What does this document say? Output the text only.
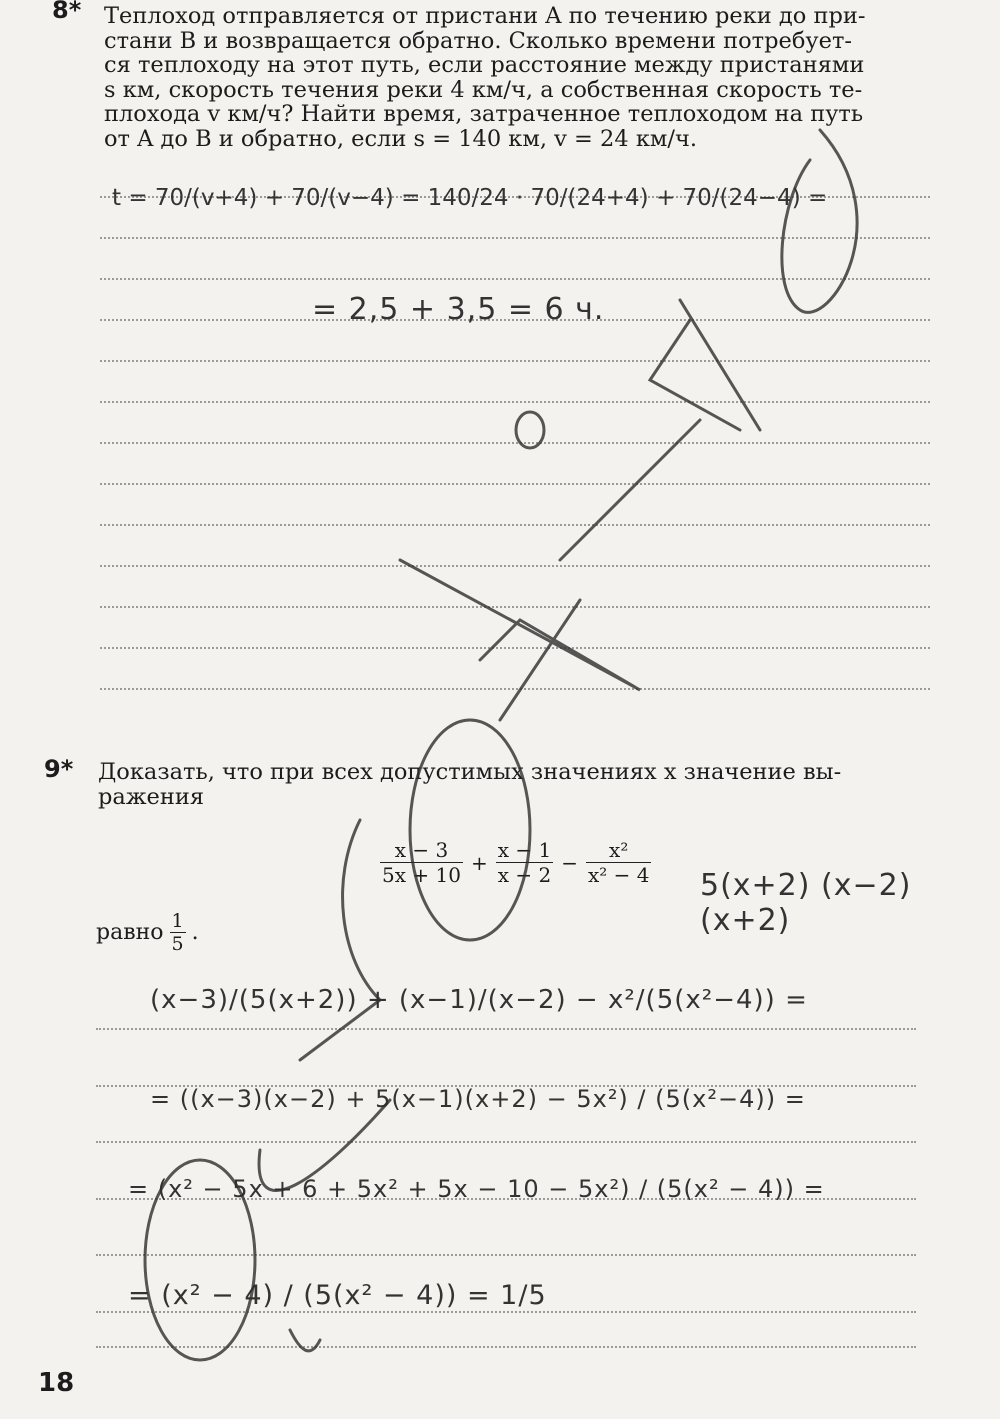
8* Теплоход отправляется от пристани A по течению реки до при-
стани B и возвращается обратно. Сколько времени потребует-
ся теплоходу на этот путь, если расстояние между пристанями
s км, скорость течения реки 4 км/ч, а собственная скорость те-
плохода v км/ч? Найти время, затраченное теплоходом на путь
от A до B и обратно, если s = 140 км, v = 24 км/ч.
t = 70/(v+4) + 70/(v−4) = 140/24 · 70/(24+4) + 70/(24−4) =
= 2,5 + 3,5 = 6 ч.
9* Доказать, что при всех допустимых значениях x значение вы-
ражения
$\frac{x - 3}{5x + 10} + \frac{x - 1}{x - 2} - \frac{\text{x²}}{\text{x² − 4}} 5(x+2)$ (x−2)(x+2)
равно $\frac{1}{5}$ .
(x−3)/(5(x+2)) + (x−1)/(x−2) − x²/(5(x²−4)) =
= ((x−3)(x−2) + 5(x−1)(x+2) − 5x²) / (5(x²−4)) =
= (x² − 5x + 6 + 5x² + 5x − 10 − 5x²) / (5(x² − 4)) =
= (x² − 4) / (5(x² − 4)) = 1/5
18
